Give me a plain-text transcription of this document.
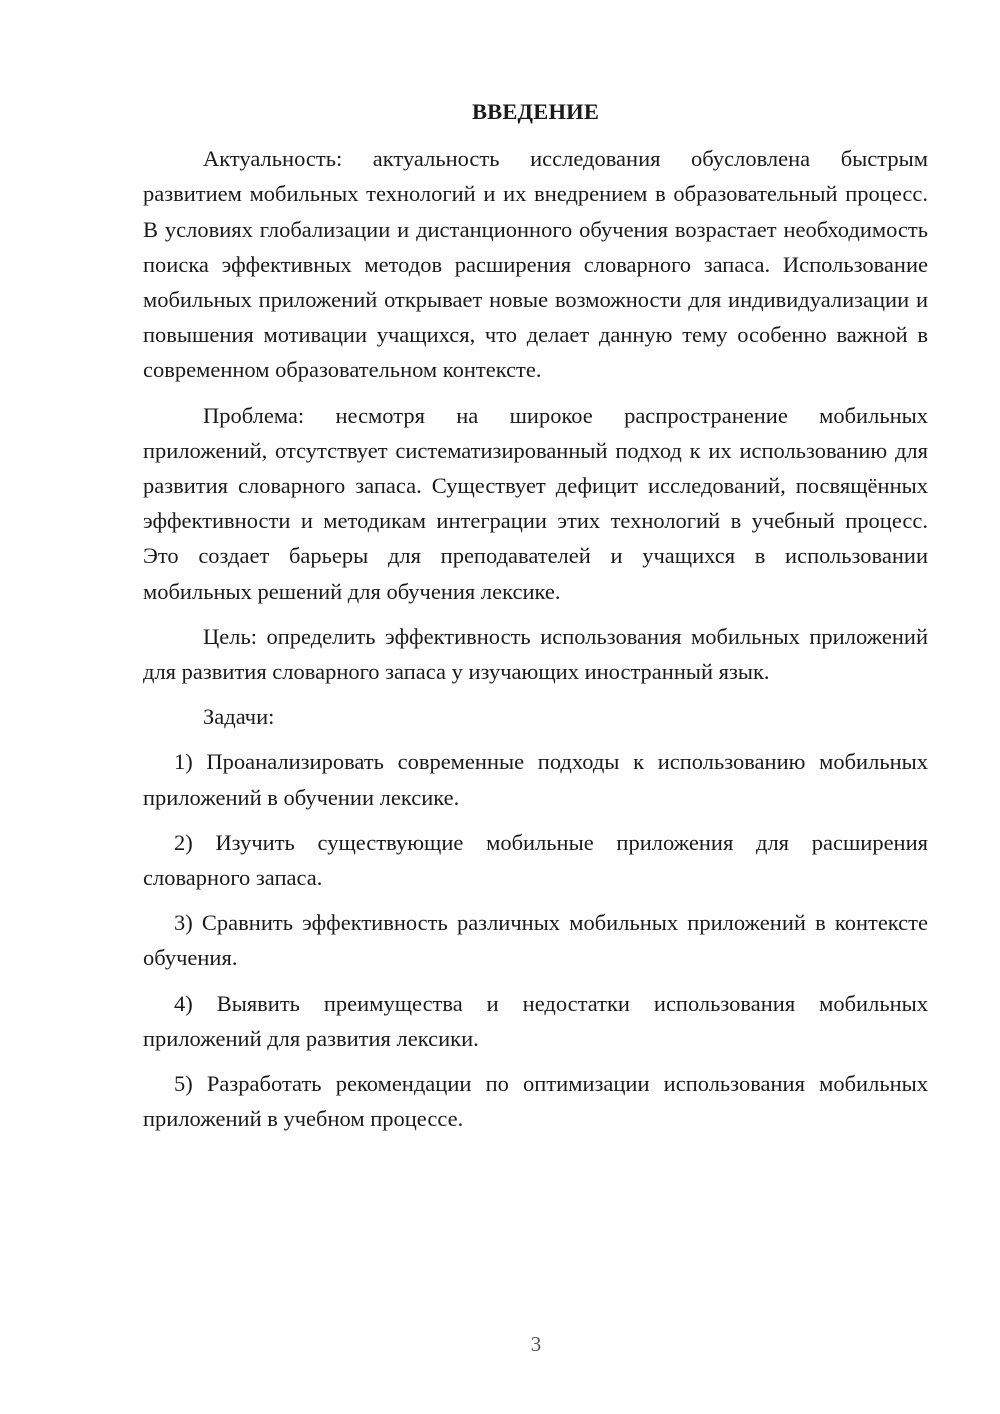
ВВЕДЕНИЕ

Актуальность: актуальность исследования обусловлена быстрым развитием мобильных технологий и их внедрением в образовательный процесс. В условиях глобализации и дистанционного обучения возрастает необходимость поиска эффективных методов расширения словарного запаса. Использование мобильных приложений открывает новые возможности для индивидуализации и повышения мотивации учащихся, что делает данную тему особенно важной в современном образовательном контексте.

Проблема: несмотря на широкое распространение мобильных приложений, отсутствует систематизированный подход к их использованию для развития словарного запаса. Существует дефицит исследований, посвящённых эффективности и методикам интеграции этих технологий в учебный процесс. Это создает барьеры для преподавателей и учащихся в использовании мобильных решений для обучения лексике.

Цель: определить эффективность использования мобильных приложений для развития словарного запаса у изучающих иностранный язык.

Задачи:

1) Проанализировать современные подходы к использованию мобильных приложений в обучении лексике.

2) Изучить существующие мобильные приложения для расширения словарного запаса.

3) Сравнить эффективность различных мобильных приложений в контексте обучения.

4) Выявить преимущества и недостатки использования мобильных приложений для развития лексики.

5) Разработать рекомендации по оптимизации использования мобильных приложений в учебном процессе.

3
